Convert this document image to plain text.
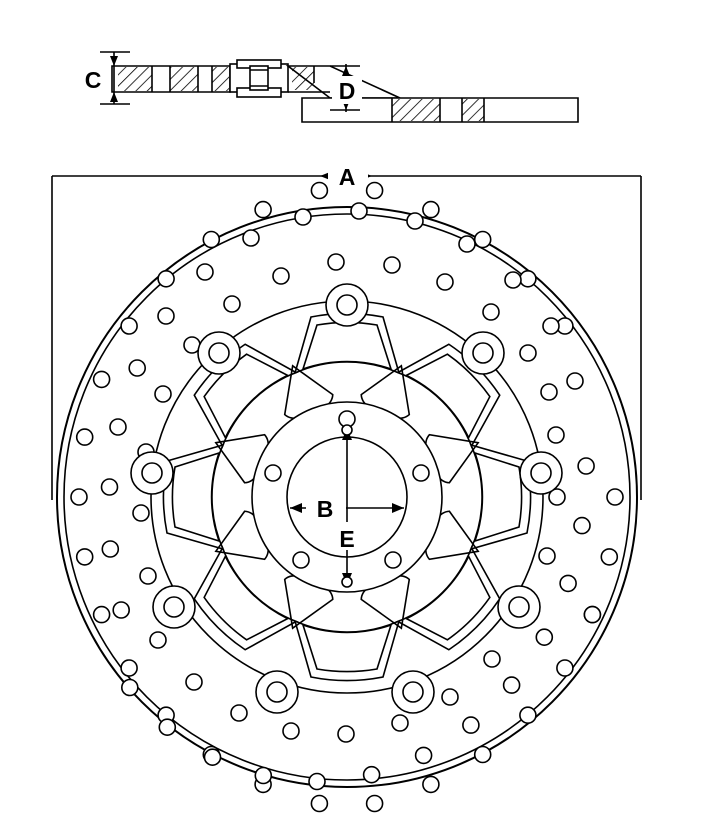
C	D
A
B
E
